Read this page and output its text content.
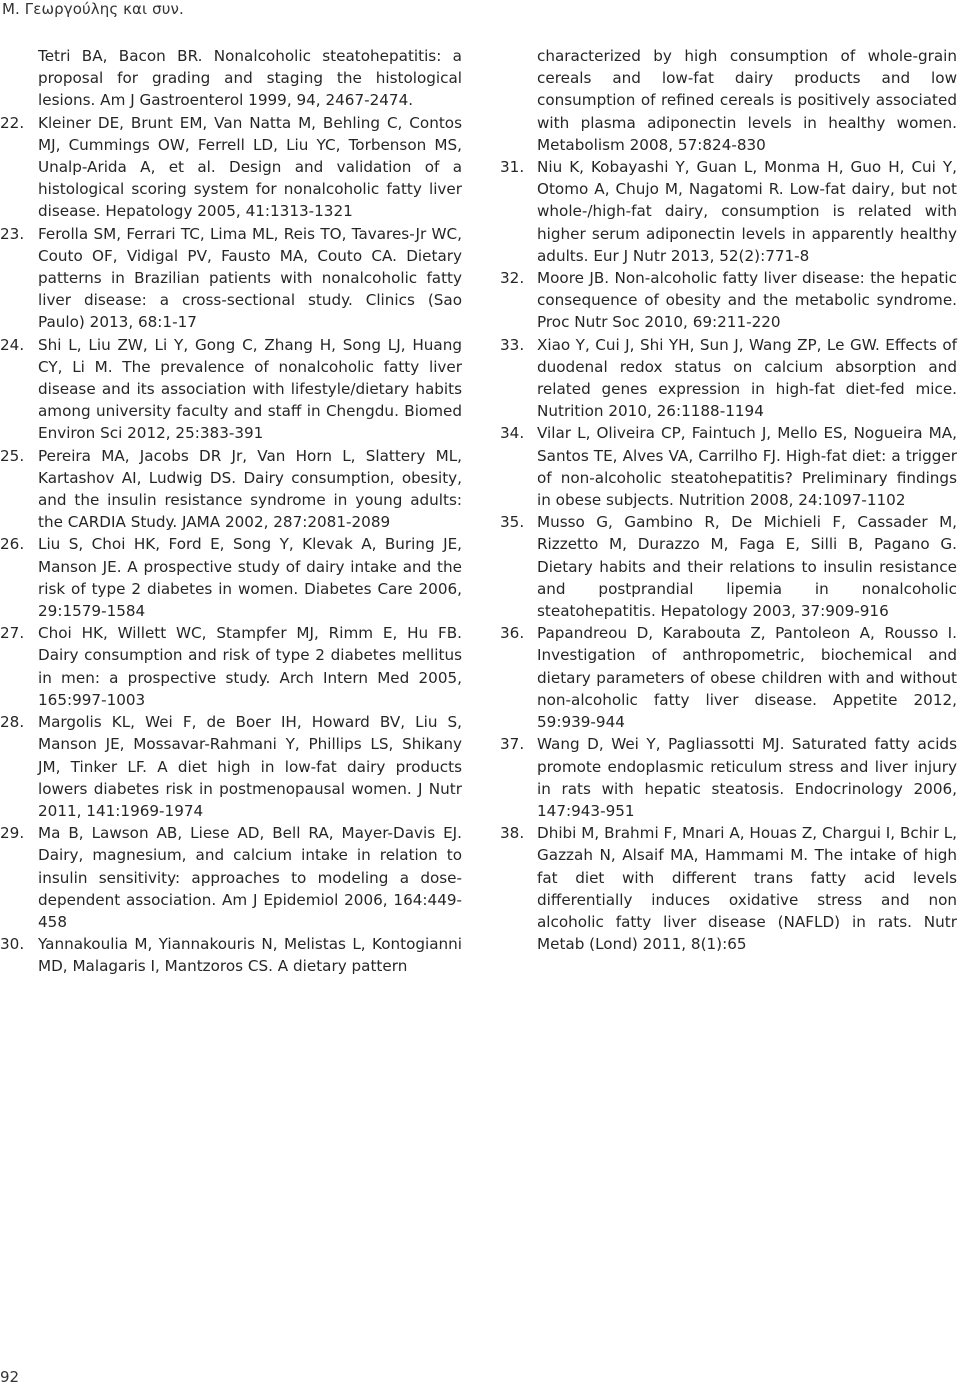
Μ. Γεωργούλης και συν.
Tetri BA, Bacon BR. Nonalcoholic steatohepatitis: a proposal for grading and staging the histological lesions. Am J Gastroenterol 1999, 94, 2467-2474.
22. Kleiner DE, Brunt EM, Van Natta M, Behling C, Contos MJ, Cummings OW, Ferrell LD, Liu YC, Torbenson MS, Unalp-Arida A, et al. Design and validation of a histological scoring system for nonalcoholic fatty liver disease. Hepatology 2005, 41:1313-1321
23. Ferolla SM, Ferrari TC, Lima ML, Reis TO, Tavares-Jr WC, Couto OF, Vidigal PV, Fausto MA, Couto CA. Dietary patterns in Brazilian patients with nonalcoholic fatty liver disease: a cross-sectional study. Clinics (Sao Paulo) 2013, 68:1-17
24. Shi L, Liu ZW, Li Y, Gong C, Zhang H, Song LJ, Huang CY, Li M. The prevalence of nonalcoholic fatty liver disease and its association with lifestyle/dietary habits among university faculty and staff in Chengdu. Biomed Environ Sci 2012, 25:383-391
25. Pereira MA, Jacobs DR Jr, Van Horn L, Slattery ML, Kartashov AI, Ludwig DS. Dairy consumption, obesity, and the insulin resistance syndrome in young adults: the CARDIA Study. JAMA 2002, 287:2081-2089
26. Liu S, Choi HK, Ford E, Song Y, Klevak A, Buring JE, Manson JE. A prospective study of dairy intake and the risk of type 2 diabetes in women. Diabetes Care 2006, 29:1579-1584
27. Choi HK, Willett WC, Stampfer MJ, Rimm E, Hu FB. Dairy consumption and risk of type 2 diabetes mellitus in men: a prospective study. Arch Intern Med 2005, 165:997-1003
28. Margolis KL, Wei F, de Boer IH, Howard BV, Liu S, Manson JE, Mossavar-Rahmani Y, Phillips LS, Shikany JM, Tinker LF. A diet high in low-fat dairy products lowers diabetes risk in postmenopausal women. J Nutr 2011, 141:1969-1974
29. Ma B, Lawson AB, Liese AD, Bell RA, Mayer-Davis EJ. Dairy, magnesium, and calcium intake in relation to insulin sensitivity: approaches to modeling a dose-dependent association. Am J Epidemiol 2006, 164:449-458
30. Yannakoulia M, Yiannakouris N, Melistas L, Kontogianni MD, Malagaris I, Mantzoros CS. A dietary pattern
characterized by high consumption of whole-grain cereals and low-fat dairy products and low consumption of refined cereals is positively associated with plasma adiponectin levels in healthy women. Metabolism 2008, 57:824-830
31. Niu K, Kobayashi Y, Guan L, Monma H, Guo H, Cui Y, Otomo A, Chujo M, Nagatomi R. Low-fat dairy, but not whole-/high-fat dairy, consumption is related with higher serum adiponectin levels in apparently healthy adults. Eur J Nutr 2013, 52(2):771-8
32. Moore JB. Non-alcoholic fatty liver disease: the hepatic consequence of obesity and the metabolic syndrome. Proc Nutr Soc 2010, 69:211-220
33. Xiao Y, Cui J, Shi YH, Sun J, Wang ZP, Le GW. Effects of duodenal redox status on calcium absorption and related genes expression in high-fat diet-fed mice. Nutrition 2010, 26:1188-1194
34. Vilar L, Oliveira CP, Faintuch J, Mello ES, Nogueira MA, Santos TE, Alves VA, Carrilho FJ. High-fat diet: a trigger of non-alcoholic steatohepatitis? Preliminary findings in obese subjects. Nutrition 2008, 24:1097-1102
35. Musso G, Gambino R, De Michieli F, Cassader M, Rizzetto M, Durazzo M, Faga E, Silli B, Pagano G. Dietary habits and their relations to insulin resistance and postprandial lipemia in nonalcoholic steatohepatitis. Hepatology 2003, 37:909-916
36. Papandreou D, Karabouta Z, Pantoleon A, Rousso I. Investigation of anthropometric, biochemical and dietary parameters of obese children with and without non-alcoholic fatty liver disease. Appetite 2012, 59:939-944
37. Wang D, Wei Y, Pagliassotti MJ. Saturated fatty acids promote endoplasmic reticulum stress and liver injury in rats with hepatic steatosis. Endocrinology 2006, 147:943-951
38. Dhibi M, Brahmi F, Mnari A, Houas Z, Chargui I, Bchir L, Gazzah N, Alsaif MA, Hammami M. The intake of high fat diet with different trans fatty acid levels differentially induces oxidative stress and non alcoholic fatty liver disease (NAFLD) in rats. Nutr Metab (Lond) 2011, 8(1):65
92
